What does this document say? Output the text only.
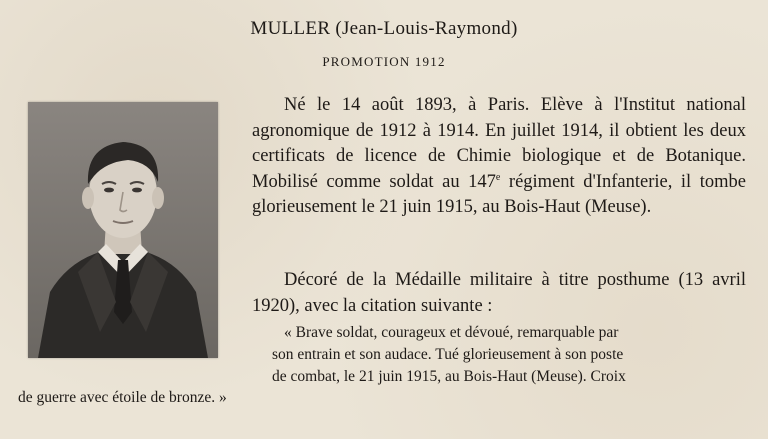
MULLER (Jean-Louis-Raymond)
PROMOTION 1912
Né le 14 août 1893, à Paris. Elève à l'Institut national agronomique de 1912 à 1914. En juillet 1914, il obtient les deux certificats de licence de Chimie biologique et de Botanique. Mobilisé comme soldat au 147e régiment d'Infanterie, il tombe glorieusement le 21 juin 1915, au Bois-Haut (Meuse).
Décoré de la Médaille militaire à titre posthume (13 avril 1920), avec la citation suivante :
« Brave soldat, courageux et dévoué, remarquable par
son entrain et son audace. Tué glorieusement à son poste
de combat, le 21 juin 1915, au Bois-Haut (Meuse). Croix
de guerre avec étoile de bronze. »
